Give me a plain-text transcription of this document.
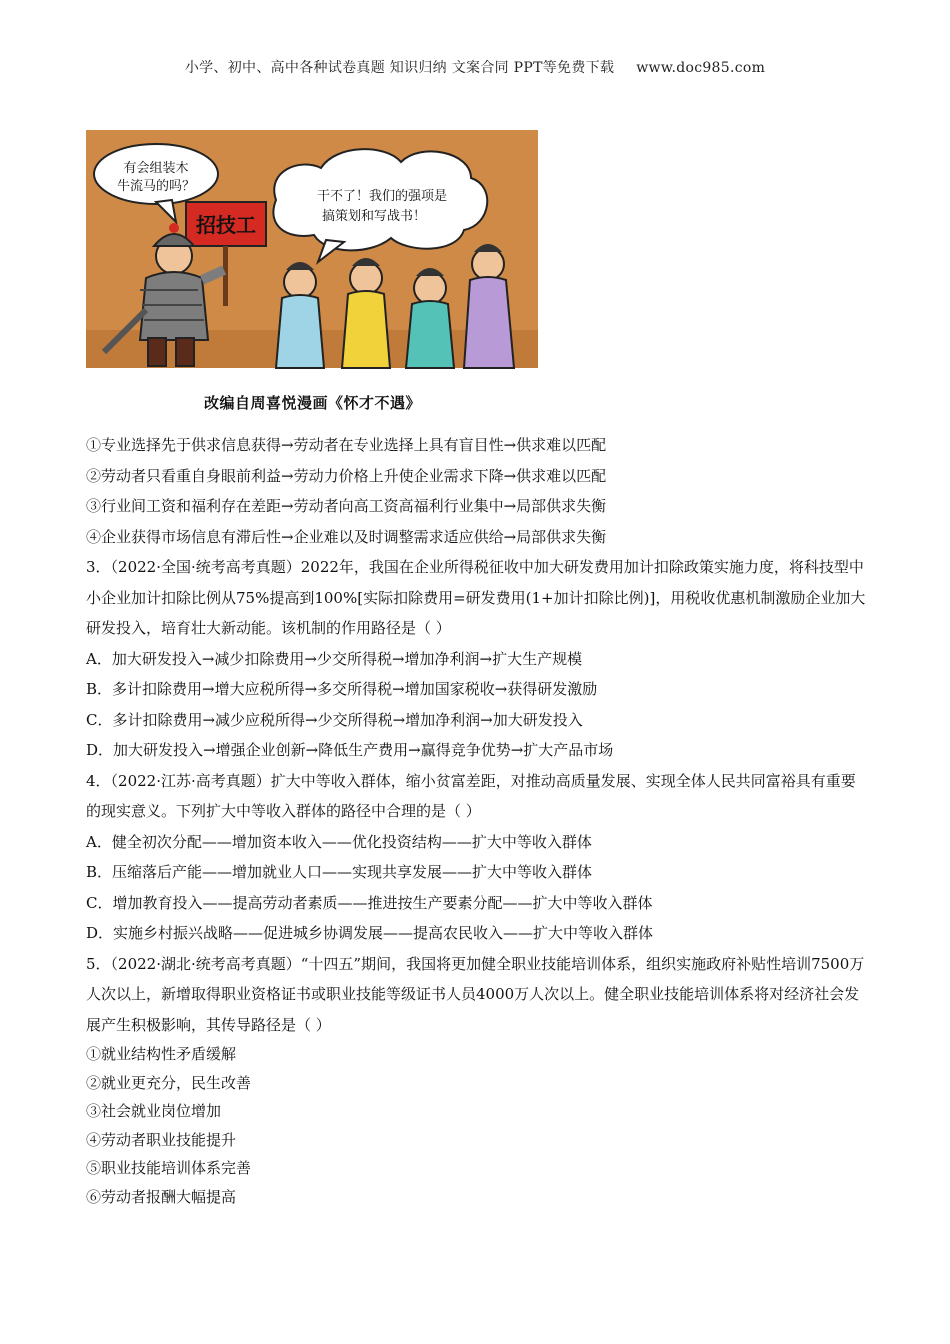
小学、初中、高中各种试卷真题 知识归纳 文案合同 PPT等免费下载 www.doc985.com
有会组装木
牛流马的吗？
干不了！我们的强项是
搞策划和写战书！
招技工
改编自周喜悦漫画《怀才不遇》
①专业选择先于供求信息获得→劳动者在专业选择上具有盲目性→供求难以匹配
②劳动者只看重自身眼前利益→劳动力价格上升使企业需求下降→供求难以匹配
③行业间工资和福利存在差距→劳动者向高工资高福利行业集中→局部供求失衡
④企业获得市场信息有滞后性→企业难以及时调整需求适应供给→局部供求失衡
3．（2022·全国·统考高考真题）2022年，我国在企业所得税征收中加大研发费用加计扣除政策实施力度，将科技型中小企业加计扣除比例从75%提高到100%[实际扣除费用=研发费用(1+加计扣除比例)]，用税收优惠机制激励企业加大研发投入，培育壮大新动能。该机制的作用路径是（ ）
A．加大研发投入→减少扣除费用→少交所得税→增加净利润→扩大生产规模
B．多计扣除费用→增大应税所得→多交所得税→增加国家税收→获得研发激励
C．多计扣除费用→减少应税所得→少交所得税→增加净利润→加大研发投入
D．加大研发投入→增强企业创新→降低生产费用→赢得竞争优势→扩大产品市场
4．（2022·江苏·高考真题）扩大中等收入群体，缩小贫富差距，对推动高质量发展、实现全体人民共同富裕具有重要的现实意义。下列扩大中等收入群体的路径中合理的是（ ）
A．健全初次分配——增加资本收入——优化投资结构——扩大中等收入群体
B．压缩落后产能——增加就业人口——实现共享发展——扩大中等收入群体
C．增加教育投入——提高劳动者素质——推进按生产要素分配——扩大中等收入群体
D．实施乡村振兴战略——促进城乡协调发展——提高农民收入——扩大中等收入群体
5．（2022·湖北·统考高考真题）“十四五”期间，我国将更加健全职业技能培训体系，组织实施政府补贴性培训7500万人次以上，新增取得职业资格证书或职业技能等级证书人员4000万人次以上。健全职业技能培训体系将对经济社会发展产生积极影响，其传导路径是（ ）
①就业结构性矛盾缓解
②就业更充分，民生改善
③社会就业岗位增加
④劳动者职业技能提升
⑤职业技能培训体系完善
⑥劳动者报酬大幅提高
